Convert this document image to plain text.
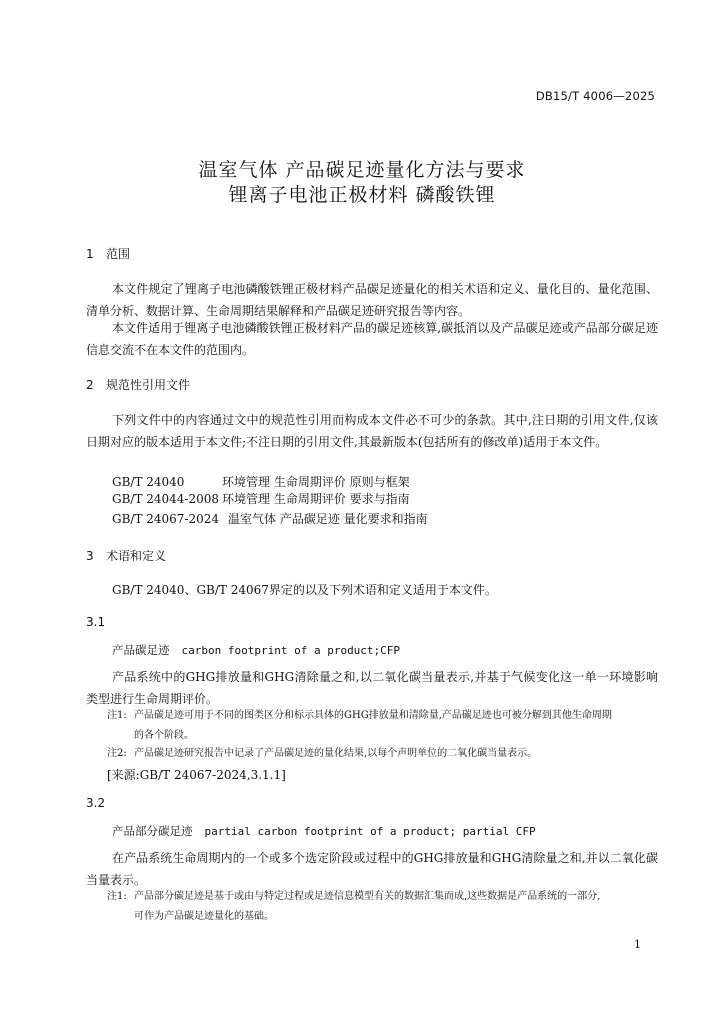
DB15/T 4006—2025
温室气体 产品碳足迹量化方法与要求
锂离子电池正极材料 磷酸铁锂
1 范围
本文件规定了锂离子电池磷酸铁锂正极材料产品碳足迹量化的相关术语和定义、量化目的、量化范围、清单分析、数据计算、生命周期结果解释和产品碳足迹研究报告等内容。
本文件适用于锂离子电池磷酸铁锂正极材料产品的碳足迹核算,碳抵消以及产品碳足迹或产品部分碳足迹信息交流不在本文件的范围内。
2 规范性引用文件
下列文件中的内容通过文中的规范性引用而构成本文件必不可少的条款。其中,注日期的引用文件,仅该日期对应的版本适用于本文件;不注日期的引用文件,其最新版本(包括所有的修改单)适用于本文件。
GB/T 24040	环境管理 生命周期评价 原则与框架
GB/T 24044-2008 环境管理 生命周期评价 要求与指南
GB/T 24067-2024 温室气体 产品碳足迹 量化要求和指南
3 术语和定义
GB/T 24040、GB/T 24067界定的以及下列术语和定义适用于本文件。
3.1
产品碳足迹 carbon footprint of a product;CFP
产品系统中的GHG排放量和GHG清除量之和,以二氧化碳当量表示,并基于气候变化这一单一环境影响类型进行生命周期评价。
注1: 产品碳足迹可用于不同的图类区分和标示具体的GHG排放量和清除量,产品碳足迹也可被分解到其他生命周期
的各个阶段。
注2: 产品碳足迹研究报告中记录了产品碳足迹的量化结果,以每个声明单位的二氧化碳当量表示。
[来源:GB/T 24067-2024,3.1.1]
3.2
产品部分碳足迹 partial carbon footprint of a product; partial CFP
在产品系统生命周期内的一个或多个选定阶段或过程中的GHG排放量和GHG清除量之和,并以二氧化碳当量表示。
注1: 产品部分碳足迹是基于或由与特定过程或足迹信息模型有关的数据汇集而成,这些数据是产品系统的一部分,
可作为产品碳足迹量化的基础。
1
